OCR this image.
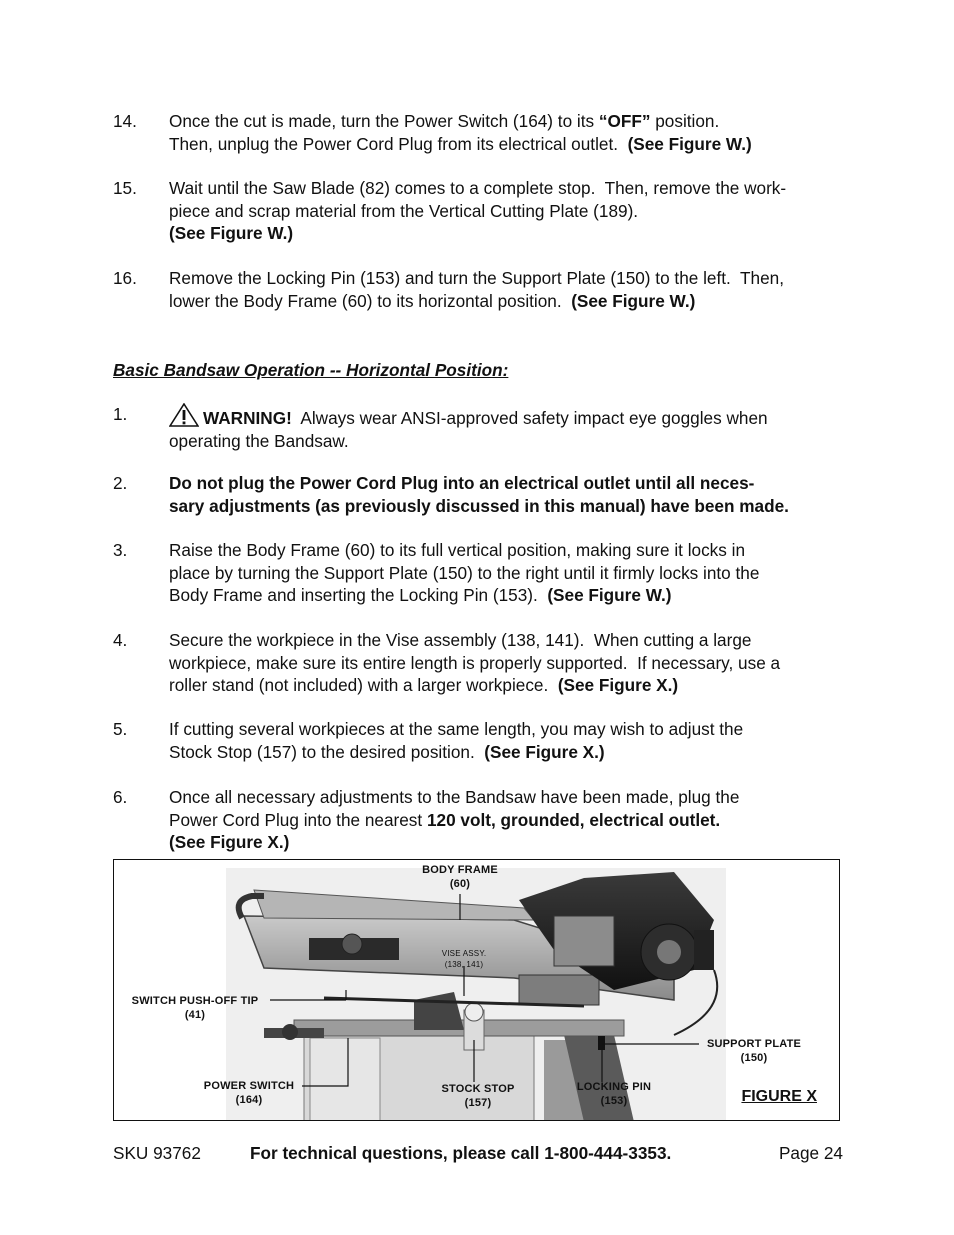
14. Once the cut is made, turn the Power Switch (164) to its “OFF” position.
Then, unplug the Power Cord Plug from its electrical outlet.  (See Figure W.)
15. Wait until the Saw Blade (82) comes to a complete stop.  Then, remove the work-
piece and scrap material from the Vertical Cutting Plate (189).
(See Figure W.)
16. Remove the Locking Pin (153) and turn the Support Plate (150) to the left.  Then,
lower the Body Frame (60) to its horizontal position.  (See Figure W.)
Basic Bandsaw Operation -- Horizontal Position:
1.	WARNING!  Always wear ANSI-approved safety impact eye goggles when
operating the Bandsaw.
2. Do not plug the Power Cord Plug into an electrical outlet until all neces-
sary adjustments (as previously discussed in this manual) have been made.
3. Raise the Body Frame (60) to its full vertical position, making sure it locks in
place by turning the Support Plate (150) to the right until it firmly locks into the
Body Frame and inserting the Locking Pin (153).  (See Figure W.)
4. Secure the workpiece in the Vise assembly (138, 141).  When cutting a large
workpiece, make sure its entire length is properly supported.  If necessary, use a
roller stand (not included) with a larger workpiece.  (See Figure X.)
5. If cutting several workpieces at the same length, you may wish to adjust the
Stock Stop (157) to the desired position.  (See Figure X.)
6. Once all necessary adjustments to the Bandsaw have been made, plug the
Power Cord Plug into the nearest 120 volt, grounded, electrical outlet.
(See Figure X.)
BODY FRAME
(60)
VISE ASSY.
(138, 141)
SWITCH PUSH-OFF TIP
(41)
SUPPORT PLATE
(150)
POWER SWITCH
(164)
STOCK STOP
(157)
LOCKING PIN
(153)	FIGURE X
SKU 93762	For technical questions, please call 1-800-444-3353.	Page 24
